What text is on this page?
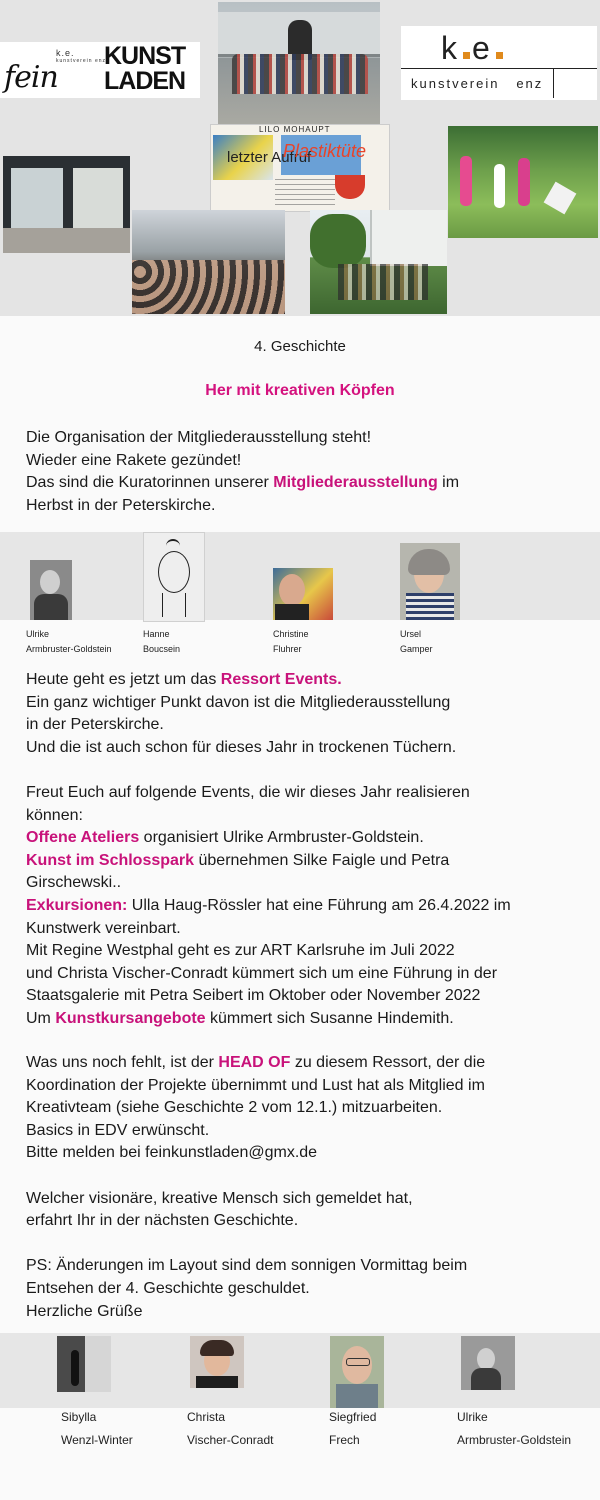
fein
k.e.
kunstverein enz
KUNST
LADEN
k e
kunstverein enz
LILO MOHAUPT
letzter Aufruf
Plastiktüte
4. Geschichte
Her mit kreativen Köpfen

Die Organisation der Mitgliederausstellung steht!

Wieder eine Rakete gezündet!

Das sind die Kuratorinnen unserer Mitgliederausstellung im

Herbst in der Peterskirche.

Ulrike
Armbruster-Goldstein
Hanne
Boucsein
Christine
Fluhrer
Ursel
Gamper

Heute geht es jetzt um das Ressort Events.

Ein ganz wichtiger Punkt davon ist die Mitgliederausstellung

in der Peterskirche.

Und die ist auch schon für dieses Jahr in trockenen Tüchern.

Freut Euch auf folgende Events, die wir dieses Jahr realisieren

können:

Offene Ateliers organisiert Ulrike Armbruster-Goldstein.

Kunst im Schlosspark übernehmen Silke Faigle und Petra

Girschewski..

Exkursionen: Ulla Haug-Rössler hat eine Führung am 26.4.2022 im

Kunstwerk vereinbart.

Mit Regine Westphal geht es zur ART Karlsruhe im Juli 2022

und Christa Vischer-Conradt kümmert sich um eine Führung in der

Staatsgalerie mit Petra Seibert im Oktober oder November 2022

Um Kunstkursangebote kümmert sich Susanne Hindemith.

Was uns noch fehlt, ist der HEAD OF zu diesem Ressort, der die

Koordination der Projekte übernimmt und Lust hat als Mitglied im

Kreativteam (siehe Geschichte 2 vom 12.1.) mitzuarbeiten.

Basics in EDV erwünscht.

Bitte melden bei feinkunstladen@gmx.de

Welcher visionäre, kreative Mensch sich gemeldet hat,

erfahrt Ihr in der nächsten Geschichte.

PS: Änderungen im Layout sind dem sonnigen Vormittag beim

Entsehen der 4. Geschichte geschuldet.

Herzliche Grüße

Sibylla
Wenzl-Winter
Christa
Vischer-Conradt
Siegfried
Frech
Ulrike
Armbruster-Goldstein
